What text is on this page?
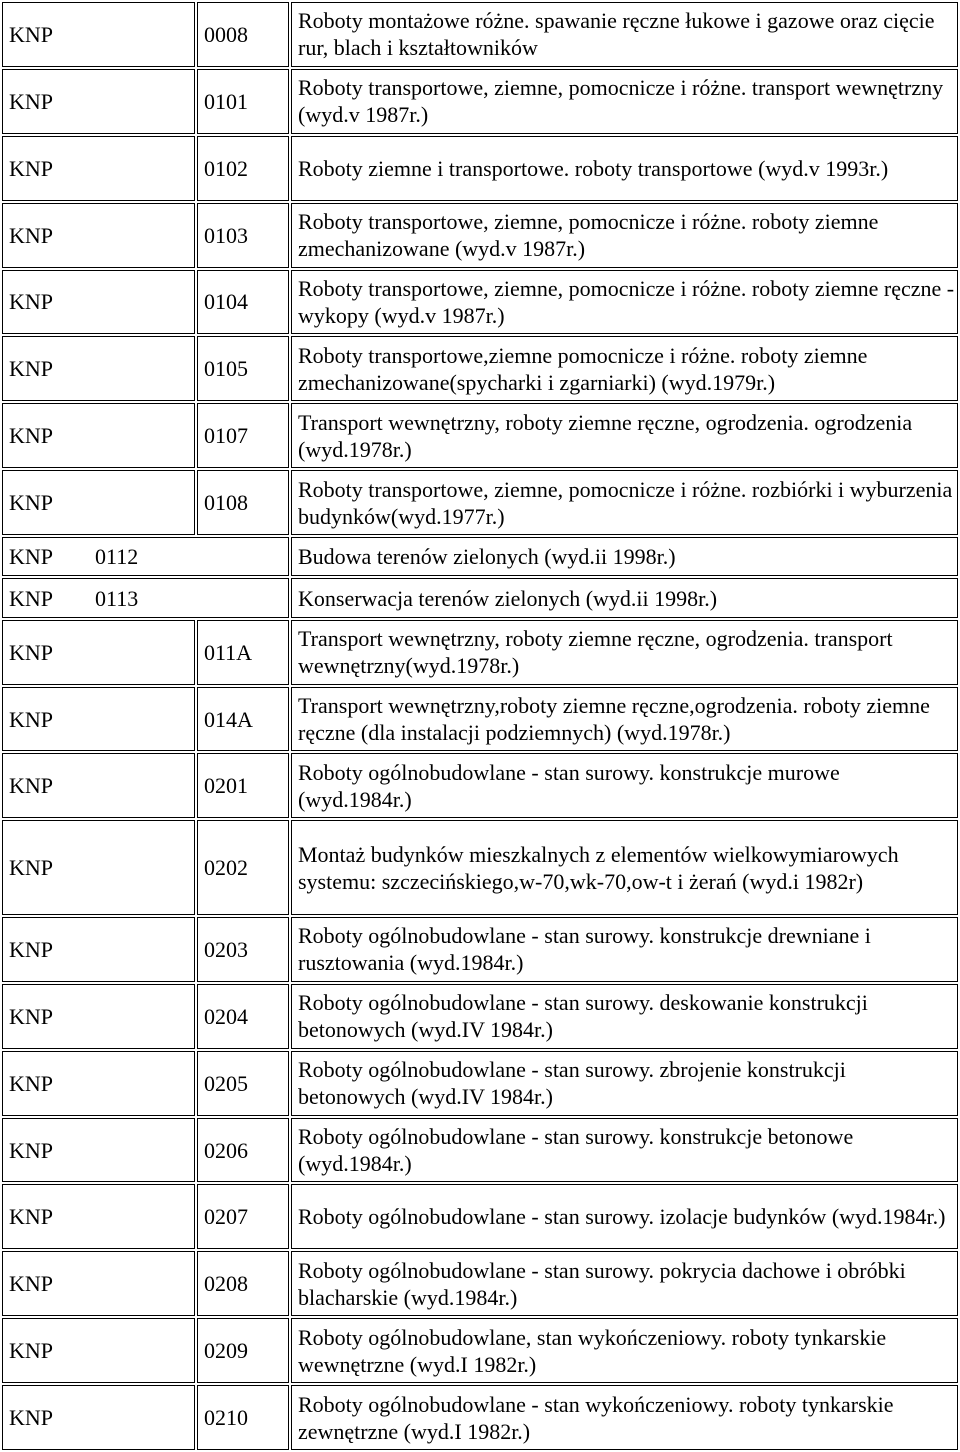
KNP	0008	Roboty montażowe różne. spawanie ręczne łukowe i gazowe oraz cięcie rur, blach i kształtowników
KNP	0101	Roboty transportowe, ziemne, pomocnicze i różne. transport wewnętrzny (wyd.v 1987r.)
KNP	0102	Roboty ziemne i transportowe. roboty transportowe (wyd.v 1993r.)
KNP	0103	Roboty transportowe, ziemne, pomocnicze i różne. roboty ziemne zmechanizowane (wyd.v 1987r.)
KNP	0104	Roboty transportowe, ziemne, pomocnicze i różne. roboty ziemne ręczne - wykopy (wyd.v 1987r.)
KNP	0105	Roboty transportowe,ziemne pomocnicze i różne. roboty ziemne zmechanizowane(spycharki i zgarniarki) (wyd.1979r.)
KNP	0107	Transport wewnętrzny, roboty ziemne ręczne, ogrodzenia. ogrodzenia (wyd.1978r.)
KNP	0108	Roboty transportowe, ziemne, pomocnicze i różne. rozbiórki i wyburzenia budynków(wyd.1977r.)
KNP 0112		Budowa terenów zielonych (wyd.ii 1998r.)
KNP 0113		Konserwacja terenów zielonych (wyd.ii 1998r.)
KNP	011A	Transport wewnętrzny, roboty ziemne ręczne, ogrodzenia. transport wewnętrzny(wyd.1978r.)
KNP	014A	Transport wewnętrzny,roboty ziemne ręczne,ogrodzenia. roboty ziemne ręczne (dla instalacji podziemnych) (wyd.1978r.)
KNP	0201	Roboty ogólnobudowlane - stan surowy. konstrukcje murowe (wyd.1984r.)
KNP	0202	Montaż budynków mieszkalnych z elementów wielkowymiarowych systemu: szczecińskiego,w-70,wk-70,ow-t i żerań (wyd.i 1982r)
KNP	0203	Roboty ogólnobudowlane - stan surowy. konstrukcje drewniane i rusztowania (wyd.1984r.)
KNP	0204	Roboty ogólnobudowlane - stan surowy. deskowanie konstrukcji betonowych (wyd.IV 1984r.)
KNP	0205	Roboty ogólnobudowlane - stan surowy. zbrojenie konstrukcji betonowych (wyd.IV 1984r.)
KNP	0206	Roboty ogólnobudowlane - stan surowy. konstrukcje betonowe (wyd.1984r.)
KNP	0207	Roboty ogólnobudowlane - stan surowy. izolacje budynków (wyd.1984r.)
KNP	0208	Roboty ogólnobudowlane - stan surowy. pokrycia dachowe i obróbki blacharskie (wyd.1984r.)
KNP	0209	Roboty ogólnobudowlane, stan wykończeniowy. roboty tynkarskie wewnętrzne (wyd.I 1982r.)
KNP	0210	Roboty ogólnobudowlane - stan wykończeniowy. roboty tynkarskie zewnętrzne (wyd.I 1982r.)
